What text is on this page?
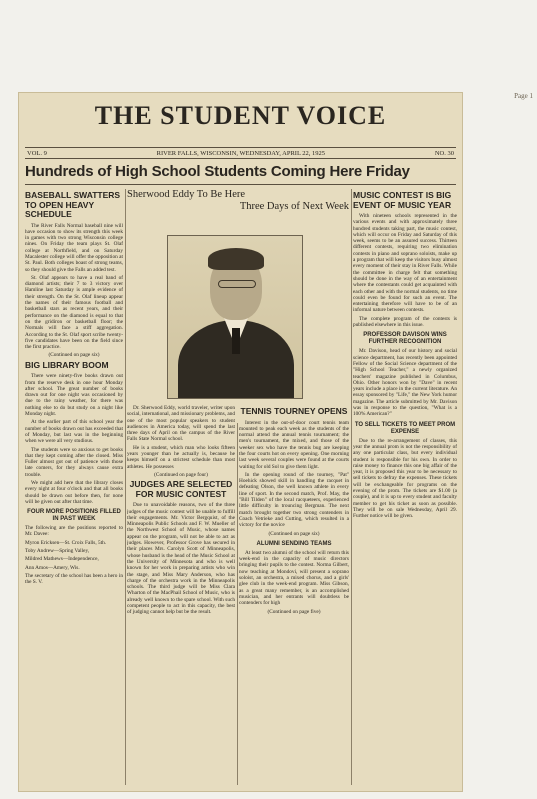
Page 1
THE STUDENT VOICE
VOL. 9	RIVER FALLS, WISCONSIN, WEDNESDAY, APRIL 22, 1925	NO. 30
Hundreds of High School Students Coming Here Friday
BASEBALL SWATTERS TO OPEN HEAVY SCHEDULE

The River Falls Normal baseball nine will have occasion to show its strength this week in games with two strong Wisconsin college nines. On Friday the team plays St. Olaf college at Northfield, and on Saturday Macalester college will offer the opposition at St. Paul. Both colleges boast of strong teams, so they should give the Falls an added test.

St. Olaf appears to have a real band of diamond artists; their 7 to 3 victory over Hamline last Saturday is ample evidence of their strength. On the St. Olaf lineup appear the names of their famous football and basketball stars as recent years, and their performance on the diamond is equal to that on the gridiron or basketball floor; the Normals will face a stiff aggregation. According to the St. Olaf sport scribe twenty-five candidates have been on the field since the first practice.

(Continued on page six)

BIG LIBRARY BOOM

There were ninety-five books drawn out from the reserve desk in one hour Monday after school. The great number of books drawn out for one night was occasioned by due to the rainy weather, for there was nothing else to do but study on a night like Monday night.

At the earlier part of this school year the number of books drawn out has exceeded that of Monday, but last was in the beginning when we were all very studious.

The students were so anxious to get books that they kept coming after the closed. Miss Fuller almost got out of patience with those late comers, for they always cause extra trouble.

We might add here that the library closes every night at four o'clock and that all books should be drawn out before then, for none will be given out after that time.

FOUR MORE POSITIONS FILLED IN PAST WEEK

The following are the positions reported to Mr. Davee:

Myron Ericksen—St. Croix Falls, 5th.

Toby Andrew—Spring Valley,

Mildred Mathews—Independence,

Ann Amos—Amery, Wis.

The secretary of the school has been a hero in the S. V.

Sherwood Eddy To Be Here
Three Days of Next Week

Dr. Sherwood Eddy, world traveler, writer upon social, international, and missionary problems, and one of the most popular speakers to student audiences in America today, will spend the last three days of April on the campus of the River Falls State Normal school.

He is a student, which man who looks fifteen years younger than he actually is, because he keeps himself on a strictest schedule than most athletes. He possesses

(Continued on page four)

JUDGES ARE SELECTED FOR MUSIC CONTEST

Due to unavoidable reasons, two of the three judges of the music contest will be unable to fulfill their engagements. Mr. Victor Bergquist, of the Minneapolis Public Schools and F. W. Mueller of the Northwest School of Music, whose names appear on the program, will not be able to act as judges. However, Professor Grove has secured in their places Mrs. Carolyn Scott of Minneapolis, whose husband is the head of the Music School at the University of Minnesota and who is well known for her work in preparing artists who win the stage, and Miss Mary Anderson, who has charge of the orchestra work in the Minneapolis schools. The third judge will be Miss Clara Wharton of the MacPhail School of Music, who is already well known to the spare school. With such competent people to act in this capacity, the best of judging cannot help but be the result.

TENNIS TOURNEY OPENS

Interest in the out-of-door court tennis team mounted to peak each week as the students of the normal attend the annual tennis tournament; the men's tournament, the mixed, and those of the weeker sex who have the tennis bug are keeping the four courts hot on every opening. One morning last week several couples were found at the courts waiting for old Sol to give them light.

In the opening round of the tourney, "Pat" Hoehick showed skill in handling the racquet in defeating Olson, the well known athlete in every line of sport. In the second match, Prof. May, the "Bill Tilden" of the local racqueteers, experienced little difficulty in trouncing Bergman. The next match brought together two strong contenders in Coach Vetrieke and Cutting, which resulted in a victory for the novice

(Continued on page six)

ALUMNI SENDING TEAMS

At least two alumni of the school will return this week-end in the capacity of music directors bringing their pupils to the contest. Norma Gilbert, now teaching at Mondovi, will present a soprano soloist, an orchestra, a mixed chorus, and a girls' glee club in the week-end program. Miss Gibson, as a great many remember, is an accomplished musician, and her entrants will doubtless be contenders for high

(Continued on page five)

MUSIC CONTEST IS BIG EVENT OF MUSIC YEAR

With nineteen schools represented in the various events and with approximately three hundred students taking part, the music contest, which will occur on Friday and Saturday of this week, seems to be an assured success. Thirteen different contests, requiring two elimination contests in piano and soprano soloists, make up a program that will keep the visitors busy almost every moment of their stay in River Falls. While the committee in charge felt that something should be done in the way of an entertainment where the contestants could get acquainted with each other and with the normal students, no time could even be found for such an event. The entertaining therefore will have to be of an informal nature between contests.

The complete program of the contests is published elsewhere in this issue.

PROFESSOR DAVISON WINS FURTHER RECOGNITION

Mr. Davison, head of our history and social science department, has recently been appointed Fellow of the Social Science department of the "High School Teacher," a newly organized teachers' magazine published in Columbus, Ohio. Other honors won by "Dave" in recent years include a place in the current literature. An essay sponsored by "Life," the New York humor magazine. The article submitted by Mr. Davison was in response to the question, "What is a 100% American?"

TO SELL TICKETS TO MEET PROM EXPENSE

Due to the re-arrangement of classes, this year the annual prom is not the responsibility of any one particular class, but every individual student is responsible for his own. In order to raise money to finance this one big affair of the year, it is proposed this year to be necessary to sell tickets to defray the expenses. These tickets will be exchangeable for programs on the evening of the prom. The tickets are $1.00 (a couple), and it is up to every student and faculty member to get his ticket as soon as possible. They will be on sale Wednesday, April 29. Further notice will be given.
